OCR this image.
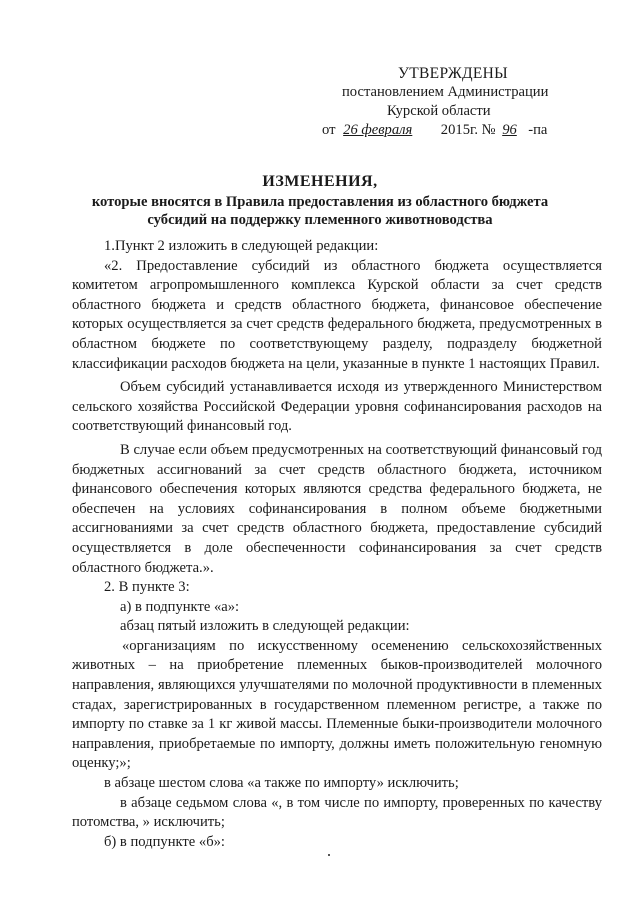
УТВЕРЖДЕНЫ
постановлением Администрации
Курской области
от 26 февраля 2015г. № 96 -па
ИЗМЕНЕНИЯ,
которые вносятся в Правила предоставления из областного бюджета
субсидий на поддержку племенного животноводства

1.Пункт 2 изложить в следующей редакции:

«2. Предоставление субсидий из областного бюджета осуществляется комитетом агропромышленного комплекса Курской области за счет средств областного бюджета и средств областного бюджета, финансовое обеспечение которых осуществляется за счет средств федерального бюджета, предусмотренных в областном бюджете по соответствующему разделу, подразделу бюджетной классификации расходов бюджета на цели, указанные в пункте 1 настоящих Правил.

Объем субсидий устанавливается исходя из утвержденного Министерством сельского хозяйства Российской Федерации уровня софинансирования расходов на соответствующий финансовый год.

В случае если объем предусмотренных на соответствующий финансовый год бюджетных ассигнований за счет средств областного бюджета, источником финансового обеспечения которых являются средства федерального бюджета, не обеспечен на условиях софинансирования в полном объеме бюджетными ассигнованиями за счет средств областного бюджета, предоставление субсидий осуществляется в доле обеспеченности софинансирования за счет средств областного бюджета.».

2. В пункте 3:

а) в подпункте «а»:

абзац пятый изложить в следующей редакции:

«организациям по искусственному осеменению сельскохозяйственных животных – на приобретение племенных быков-производителей молочного направления, являющихся улучшателями по молочной продуктивности в племенных стадах, зарегистрированных в государственном племенном регистре, а также по импорту по ставке за 1 кг живой массы. Племенные быки-производители молочного направления, приобретаемые по импорту, должны иметь положительную геномную оценку;»;

в абзаце шестом слова «а также по импорту» исключить;

в абзаце седьмом слова «, в том числе по импорту, проверенных по качеству потомства, » исключить;

б) в подпункте «б»:
